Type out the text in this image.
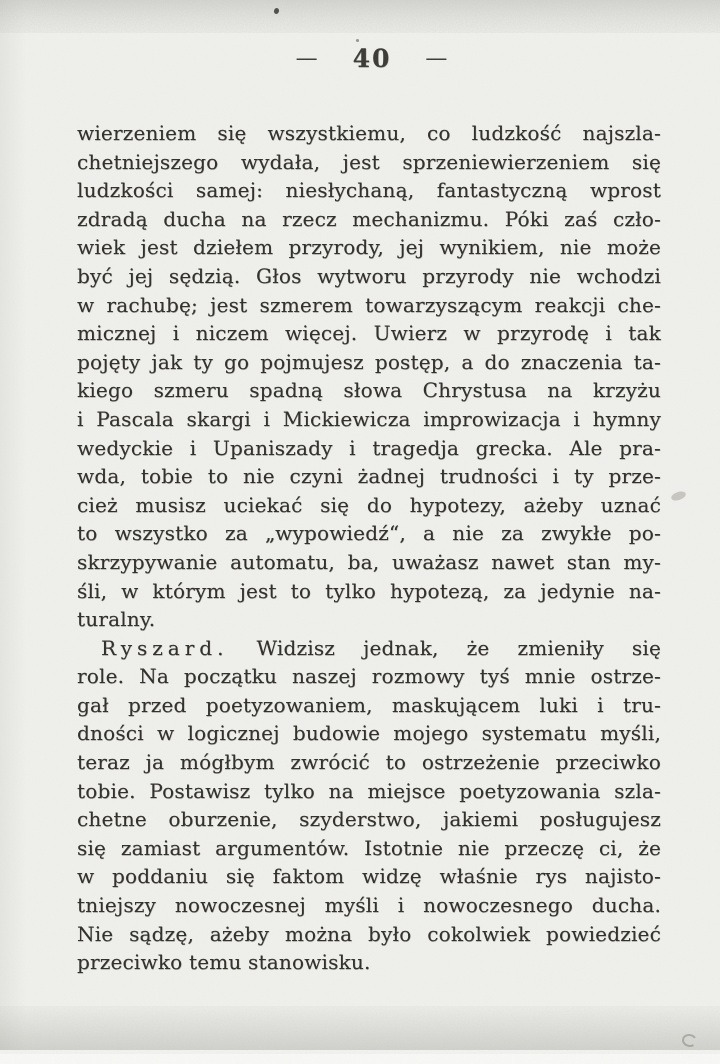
— 40 —
wierzeniem się wszystkiemu, co ludzkość najszla-
chetniejszego wydała, jest sprzeniewierzeniem się
ludzkości samej: niesłychaną, fantastyczną wprost
zdradą ducha na rzecz mechanizmu. Póki zaś czło-
wiek jest dziełem przyrody, jej wynikiem, nie może
być jej sędzią. Głos wytworu przyrody nie wchodzi
w rachubę; jest szmerem towarzyszącym reakcji che-
micznej i niczem więcej. Uwierz w przyrodę i tak
pojęty jak ty go pojmujesz postęp, a do znaczenia ta-
kiego szmeru spadną słowa Chrystusa na krzyżu
i Pascala skargi i Mickiewicza improwizacja i hymny
wedyckie i Upaniszady i tragedja grecka. Ale pra-
wda, tobie to nie czyni żadnej trudności i ty prze-
cież musisz uciekać się do hypotezy, ażeby uznać
to wszystko za „wypowiedź“, a nie za zwykłe po-
skrzypywanie automatu, ba, uważasz nawet stan my-
śli, w którym jest to tylko hypotezą, za jedynie na-
turalny.
Ryszard. Widzisz jednak, że zmieniły się
role. Na początku naszej rozmowy tyś mnie ostrze-
gał przed poetyzowaniem, maskującem luki i tru-
dności w logicznej budowie mojego systematu myśli,
teraz ja mógłbym zwrócić to ostrzeżenie przeciwko
tobie. Postawisz tylko na miejsce poetyzowania szla-
chetne oburzenie, szyderstwo, jakiemi posługujesz
się zamiast argumentów. Istotnie nie przeczę ci, że
w poddaniu się faktom widzę właśnie rys najisto-
tniejszy nowoczesnej myśli i nowoczesnego ducha.
Nie sądzę, ażeby można było cokolwiek powiedzieć
przeciwko temu stanowisku.
